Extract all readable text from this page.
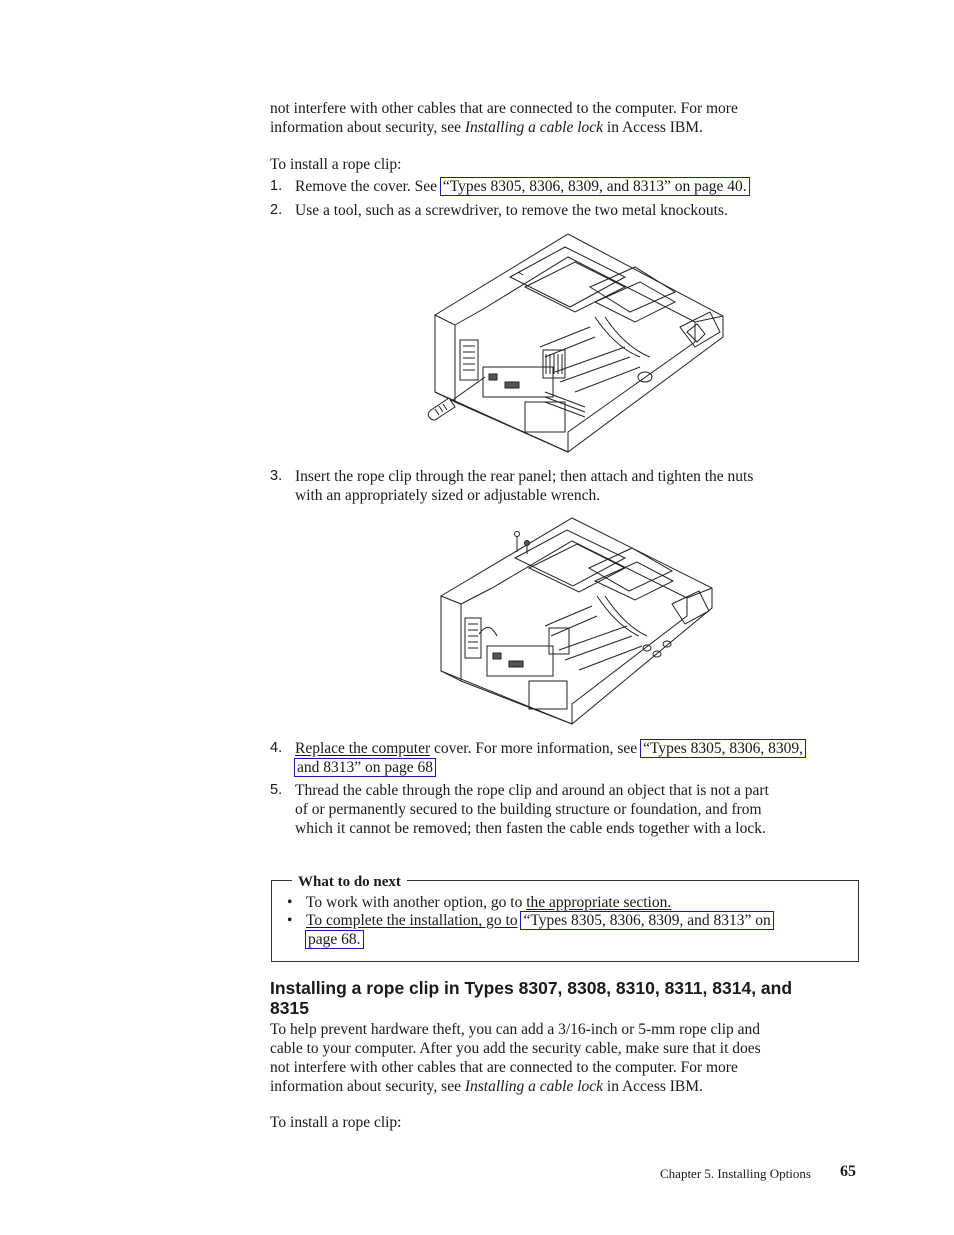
not interfere with other cables that are connected to the computer. For more
information about security, see Installing a cable lock in Access IBM.
To install a rope clip:
1. Remove the cover. See “Types 8305, 8306, 8309, and 8313” on page 40.
2. Use a tool, such as a screwdriver, to remove the two metal knockouts.
3. Insert the rope clip through the rear panel; then attach and tighten the nuts
with an appropriately sized or adjustable wrench.
4. Replace the computer cover. For more information, see “Types 8305, 8306, 8309,
and 8313” on page 68
5. Thread the cable through the rope clip and around an object that is not a part
of or permanently secured to the building structure or foundation, and from
which it cannot be removed; then fasten the cable ends together with a lock.
What to do next
• To work with another option, go to the appropriate section.
• To complete the installation, go to “Types 8305, 8306, 8309, and 8313” on
page 68.
Installing a rope clip in Types 8307, 8308, 8310, 8311, 8314, and
8315
To help prevent hardware theft, you can add a 3/16-inch or 5-mm rope clip and
cable to your computer. After you add the security cable, make sure that it does
not interfere with other cables that are connected to the computer. For more
information about security, see Installing a cable lock in Access IBM.
To install a rope clip:
Chapter 5. Installing Options 65
